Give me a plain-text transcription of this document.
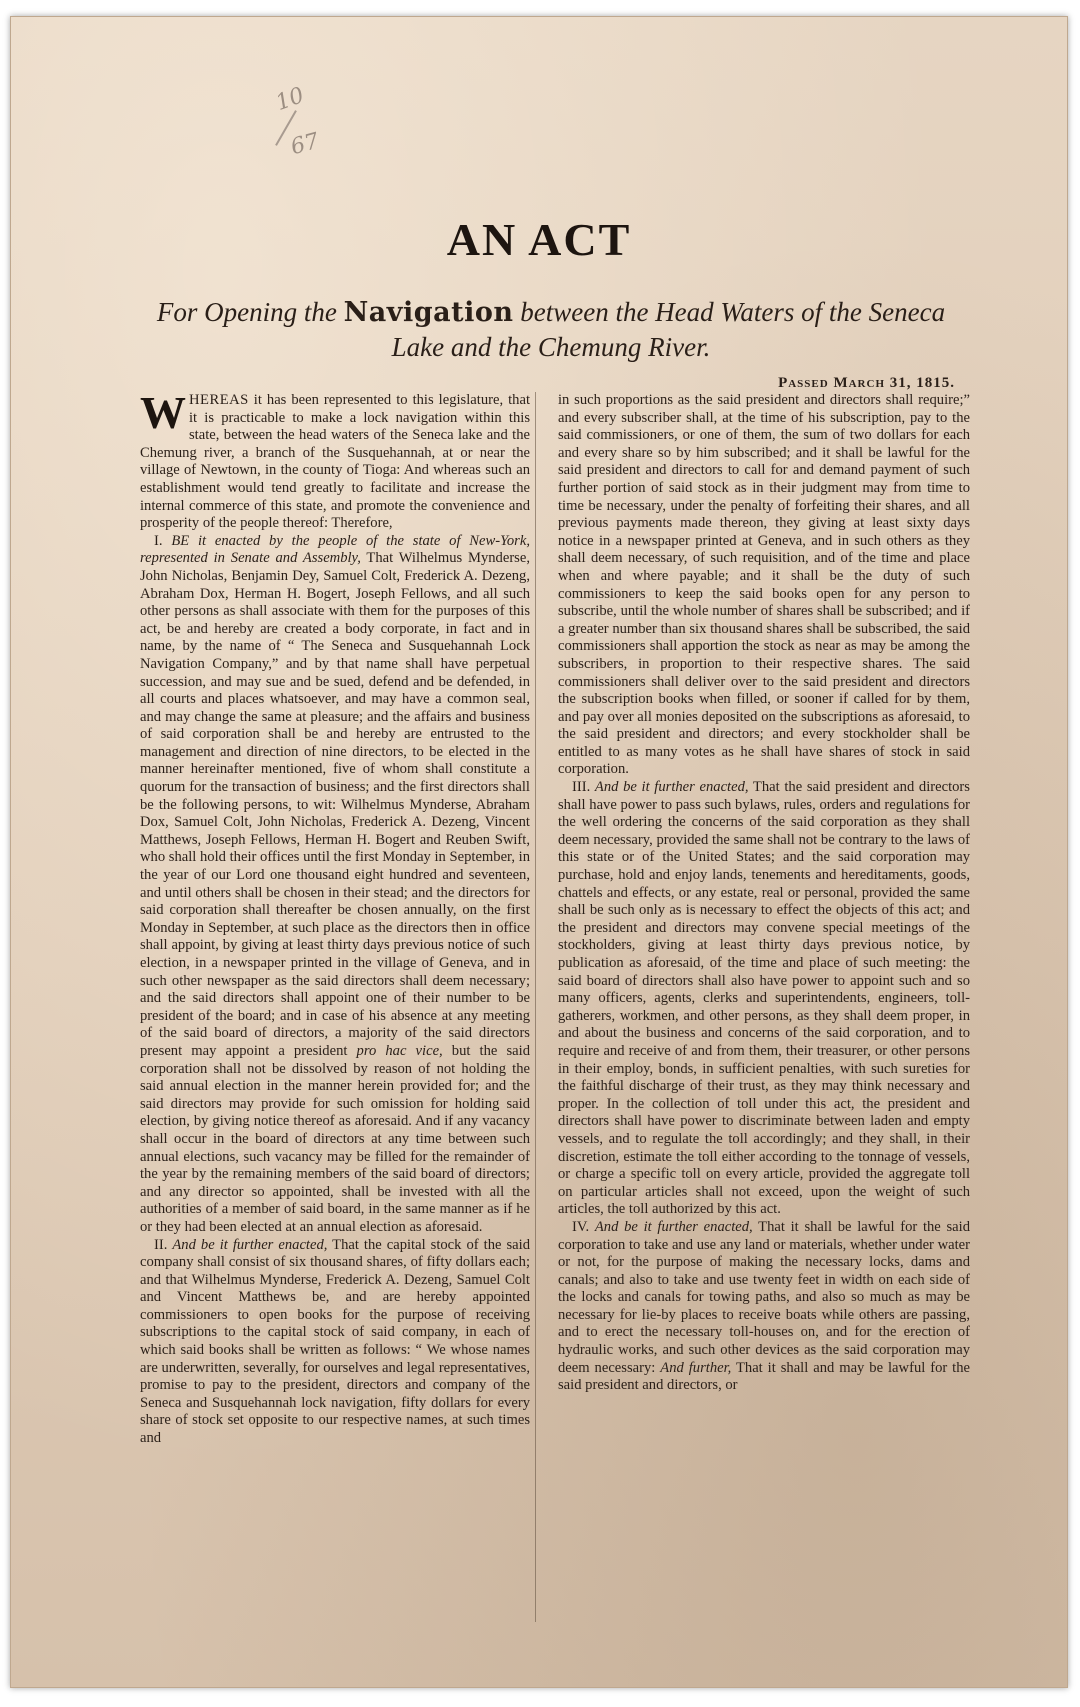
10
67
AN ACT
For Opening the Navigation between the Head Waters of the Seneca Lake and the Chemung River.
Passed March 31, 1815.

WHEREAS it has been represented to this legislature, that it is practicable to make a lock navigation within this state, between the head waters of the Seneca lake and the Chemung river, a branch of the Susquehannah, at or near the village of Newtown, in the county of Tioga: And whereas such an establishment would tend greatly to facilitate and increase the internal commerce of this state, and promote the convenience and prosperity of the people thereof: Therefore,

I. BE it enacted by the people of the state of New-York, represented in Senate and Assembly, That Wilhelmus Mynderse, John Nicholas, Benjamin Dey, Samuel Colt, Frederick A. Dezeng, Abraham Dox, Herman H. Bogert, Joseph Fellows, and all such other persons as shall associate with them for the purposes of this act, be and hereby are created a body corporate, in fact and in name, by the name of “ The Seneca and Susquehannah Lock Navigation Company,” and by that name shall have perpetual succession, and may sue and be sued, defend and be defended, in all courts and places whatsoever, and may have a common seal, and may change the same at pleasure; and the affairs and business of said corporation shall be and hereby are entrusted to the management and direction of nine directors, to be elected in the manner hereinafter mentioned, five of whom shall constitute a quorum for the transaction of business; and the first directors shall be the following persons, to wit: Wilhelmus Mynderse, Abraham Dox, Samuel Colt, John Nicholas, Frederick A. Dezeng, Vincent Matthews, Joseph Fellows, Herman H. Bogert and Reuben Swift, who shall hold their offices until the first Monday in September, in the year of our Lord one thousand eight hundred and seventeen, and until others shall be chosen in their stead; and the directors for said corporation shall thereafter be chosen annually, on the first Monday in September, at such place as the directors then in office shall appoint, by giving at least thirty days previous notice of such election, in a newspaper printed in the village of Geneva, and in such other newspaper as the said directors shall deem necessary; and the said directors shall appoint one of their number to be president of the board; and in case of his absence at any meeting of the said board of directors, a majority of the said directors present may appoint a president pro hac vice, but the said corporation shall not be dissolved by reason of not holding the said annual election in the manner herein provided for; and the said directors may provide for such omission for holding said election, by giving notice thereof as aforesaid. And if any vacancy shall occur in the board of directors at any time between such annual elections, such vacancy may be filled for the remainder of the year by the remaining members of the said board of directors; and any director so appointed, shall be invested with all the authorities of a member of said board, in the same manner as if he or they had been elected at an annual election as aforesaid.

II. And be it further enacted, That the capital stock of the said company shall consist of six thousand shares, of fifty dollars each; and that Wilhelmus Mynderse, Frederick A. Dezeng, Samuel Colt and Vincent Matthews be, and are hereby appointed commissioners to open books for the purpose of receiving subscriptions to the capital stock of said company, in each of which said books shall be written as follows: “ We whose names are underwritten, severally, for ourselves and legal representatives, promise to pay to the president, directors and company of the Seneca and Susquehannah lock navigation, fifty dollars for every share of stock set opposite to our respective names, at such times and

in such proportions as the said president and directors shall require;” and every subscriber shall, at the time of his subscription, pay to the said commissioners, or one of them, the sum of two dollars for each and every share so by him subscribed; and it shall be lawful for the said president and directors to call for and demand payment of such further portion of said stock as in their judgment may from time to time be necessary, under the penalty of forfeiting their shares, and all previous payments made thereon, they giving at least sixty days notice in a newspaper printed at Geneva, and in such others as they shall deem necessary, of such requisition, and of the time and place when and where payable; and it shall be the duty of such commissioners to keep the said books open for any person to subscribe, until the whole number of shares shall be subscribed; and if a greater number than six thousand shares shall be subscribed, the said commissioners shall apportion the stock as near as may be among the subscribers, in proportion to their respective shares. The said commissioners shall deliver over to the said president and directors the subscription books when filled, or sooner if called for by them, and pay over all monies deposited on the subscriptions as aforesaid, to the said president and directors; and every stockholder shall be entitled to as many votes as he shall have shares of stock in said corporation.

III. And be it further enacted, That the said president and directors shall have power to pass such bylaws, rules, orders and regulations for the well ordering the concerns of the said corporation as they shall deem necessary, provided the same shall not be contrary to the laws of this state or of the United States; and the said corporation may purchase, hold and enjoy lands, tenements and hereditaments, goods, chattels and effects, or any estate, real or personal, provided the same shall be such only as is necessary to effect the objects of this act; and the president and directors may convene special meetings of the stockholders, giving at least thirty days previous notice, by publication as aforesaid, of the time and place of such meeting: the said board of directors shall also have power to appoint such and so many officers, agents, clerks and superintendents, engineers, toll-gatherers, workmen, and other persons, as they shall deem proper, in and about the business and concerns of the said corporation, and to require and receive of and from them, their treasurer, or other persons in their employ, bonds, in sufficient penalties, with such sureties for the faithful discharge of their trust, as they may think necessary and proper. In the collection of toll under this act, the president and directors shall have power to discriminate between laden and empty vessels, and to regulate the toll accordingly; and they shall, in their discretion, estimate the toll either according to the tonnage of vessels, or charge a specific toll on every article, provided the aggregate toll on particular articles shall not exceed, upon the weight of such articles, the toll authorized by this act.

IV. And be it further enacted, That it shall be lawful for the said corporation to take and use any land or materials, whether under water or not, for the purpose of making the necessary locks, dams and canals; and also to take and use twenty feet in width on each side of the locks and canals for towing paths, and also so much as may be necessary for lie-by places to receive boats while others are passing, and to erect the necessary toll-houses on, and for the erection of hydraulic works, and such other devices as the said corporation may deem necessary: And further, That it shall and may be lawful for the said president and directors, or
